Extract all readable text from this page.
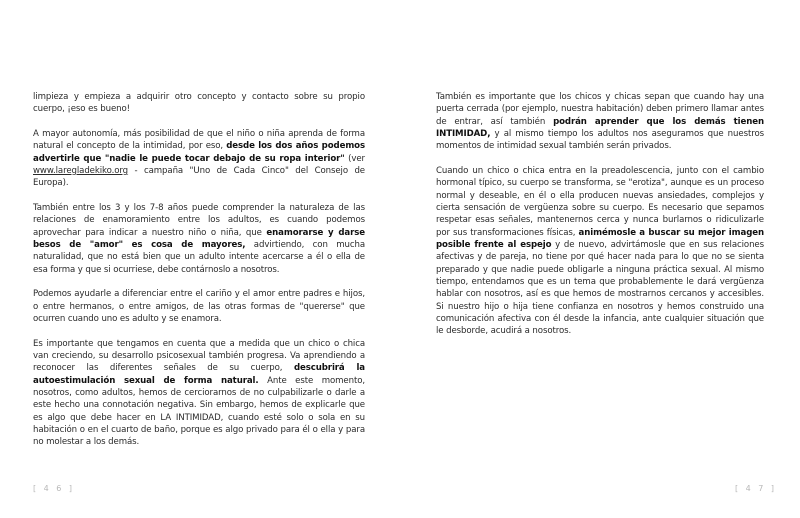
limpieza y empieza a adquirir otro concepto y contacto sobre su propio cuerpo, ¡eso es bueno!

A mayor autonomía, más posibilidad de que el niño o niña aprenda de forma natural el concepto de la intimidad, por eso, desde los dos años podemos advertirle que "nadie le puede tocar debajo de su ropa interior" (ver www.laregladekiko.org - campaña "Uno de Cada Cinco" del Consejo de Europa).

También entre los 3 y los 7-8 años puede comprender la naturaleza de las relaciones de enamoramiento entre los adultos, es cuando podemos aprovechar para indicar a nuestro niño o niña, que enamorarse y darse besos de "amor" es cosa de mayores, advirtiendo, con mucha naturalidad, que no está bien que un adulto intente acercarse a él o ella de esa forma y que si ocurriese, debe contárnoslo a nosotros.

Podemos ayudarle a diferenciar entre el cariño y el amor entre padres e hijos, o entre hermanos, o entre amigos, de las otras formas de "quererse" que ocurren cuando uno es adulto y se enamora.

Es importante que tengamos en cuenta que a medida que un chico o chica van creciendo, su desarrollo psicosexual también progresa. Va aprendiendo a reconocer las diferentes señales de su cuerpo, descubrirá la autoestimulación sexual de forma natural. Ante este momento, nosotros, como adultos, hemos de cerciorarnos de no culpabilizarle o darle a este hecho una connotación negativa. Sin embargo, hemos de explicarle que es algo que debe hacer en LA INTIMIDAD, cuando esté solo o sola en su habitación o en el cuarto de baño, porque es algo privado para él o ella y para no molestar a los demás.

[ 4 6 ]

También es importante que los chicos y chicas sepan que cuando hay una puerta cerrada (por ejemplo, nuestra habitación) deben primero llamar antes de entrar, así también podrán aprender que los demás tienen INTIMIDAD, y al mismo tiempo los adultos nos aseguramos que nuestros momentos de intimidad sexual también serán privados.

Cuando un chico o chica entra en la preadolescencia, junto con el cambio hormonal típico, su cuerpo se transforma, se "erotiza", aunque es un proceso normal y deseable, en él o ella producen nuevas ansiedades, complejos y cierta sensación de vergüenza sobre su cuerpo. Es necesario que sepamos respetar esas señales, mantenernos cerca y nunca burlarnos o ridiculizarle por sus transformaciones físicas, animémosle a buscar su mejor imagen posible frente al espejo y de nuevo, advirtámosle que en sus relaciones afectivas y de pareja, no tiene por qué hacer nada para lo que no se sienta preparado y que nadie puede obligarle a ninguna práctica sexual. Al mismo tiempo, entendamos que es un tema que probablemente le dará vergüenza hablar con nosotros, así es que hemos de mostrarnos cercanos y accesibles. Si nuestro hijo o hija tiene confianza en nosotros y hemos construido una comunicación afectiva con él desde la infancia, ante cualquier situación que le desborde, acudirá a nosotros.

[ 4 7 ]
